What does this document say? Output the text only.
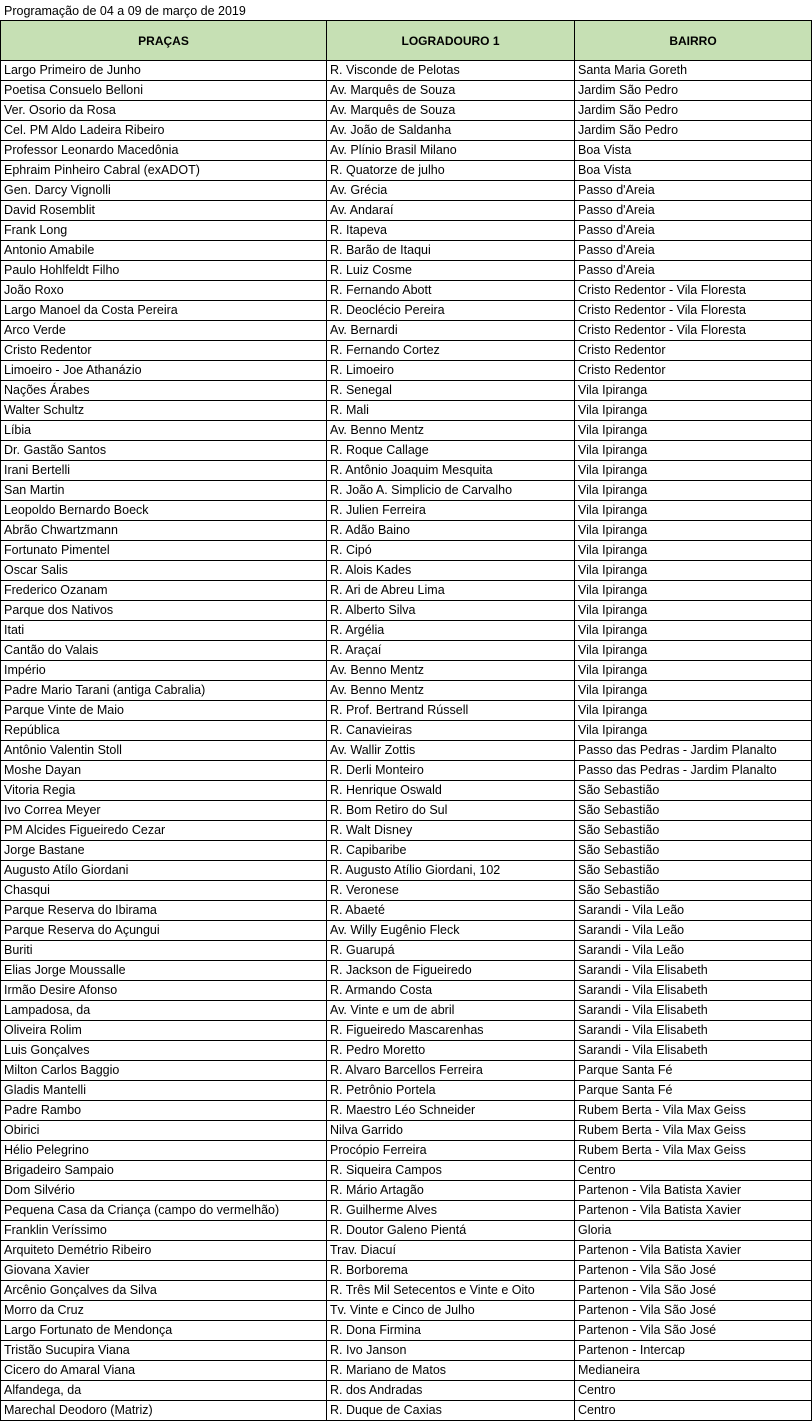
Programação de 04 a 09 de março de 2019
PRAÇAS	LOGRADOURO 1	BAIRRO
Largo Primeiro de Junho	R. Visconde de Pelotas	Santa Maria Goreth
Poetisa Consuelo Belloni	Av. Marquês de Souza	Jardim São Pedro
Ver. Osorio da Rosa	Av. Marquês de Souza	Jardim São Pedro
Cel. PM Aldo Ladeira Ribeiro	Av. João de Saldanha	Jardim São Pedro
Professor Leonardo Macedônia	Av. Plínio Brasil Milano	Boa Vista
Ephraim Pinheiro Cabral (exADOT)	R. Quatorze de julho	Boa Vista
Gen. Darcy Vignolli	Av. Grécia	Passo d'Areia
David Rosemblit	Av. Andaraí	Passo d'Areia
Frank Long	R. Itapeva	Passo d'Areia
Antonio Amabile	R. Barão de Itaqui	Passo d'Areia
Paulo Hohlfeldt Filho	R. Luiz Cosme	Passo d'Areia
João Roxo	R. Fernando Abott	Cristo Redentor - Vila Floresta
Largo Manoel da Costa Pereira	R. Deoclécio Pereira	Cristo Redentor - Vila Floresta
Arco Verde	Av. Bernardi	Cristo Redentor - Vila Floresta
Cristo Redentor	R. Fernando Cortez	Cristo Redentor
Limoeiro - Joe Athanázio	R. Limoeiro	Cristo Redentor
Nações Árabes	R. Senegal	Vila Ipiranga
Walter Schultz	R. Mali	Vila Ipiranga
Líbia	Av. Benno Mentz	Vila Ipiranga
Dr. Gastão Santos	R. Roque Callage	Vila Ipiranga
Irani Bertelli	R. Antônio Joaquim Mesquita	Vila Ipiranga
San Martin	R. João A. Simplicio de Carvalho	Vila Ipiranga
Leopoldo Bernardo Boeck	R. Julien Ferreira	Vila Ipiranga
Abrão Chwartzmann	R. Adão Baino	Vila Ipiranga
Fortunato Pimentel	R. Cipó	Vila Ipiranga
Oscar Salis	R. Alois Kades	Vila Ipiranga
Frederico Ozanam	R. Ari de Abreu Lima	Vila Ipiranga
Parque dos Nativos	R. Alberto Silva	Vila Ipiranga
Itati	R. Argélia	Vila Ipiranga
Cantão do Valais	R. Araçaí	Vila Ipiranga
Império	Av. Benno Mentz	Vila Ipiranga
Padre Mario Tarani (antiga Cabralia)	Av. Benno Mentz	Vila Ipiranga
Parque Vinte de Maio	R. Prof. Bertrand Rússell	Vila Ipiranga
República	R. Canavieiras	Vila Ipiranga
Antônio Valentin Stoll	Av. Wallir Zottis	Passo das Pedras - Jardim Planalto
Moshe Dayan	R. Derli Monteiro	Passo das Pedras - Jardim Planalto
Vitoria Regia	R. Henrique Oswald	São Sebastião
Ivo Correa Meyer	R. Bom Retiro do Sul	São Sebastião
PM Alcides Figueiredo Cezar	R. Walt Disney	São Sebastião
Jorge Bastane	R. Capibaribe	São Sebastião
Augusto Atílo Giordani	R. Augusto Atílio Giordani, 102	São Sebastião
Chasqui	R. Veronese	São Sebastião
Parque Reserva do Ibirama	R. Abaeté	Sarandi - Vila Leão
Parque Reserva do Açungui	Av. Willy Eugênio Fleck	Sarandi - Vila Leão
Buriti	R. Guarupá	Sarandi - Vila Leão
Elias Jorge Moussalle	R. Jackson de Figueiredo	Sarandi - Vila Elisabeth
Irmão Desire Afonso	R. Armando Costa	Sarandi - Vila Elisabeth
Lampadosa, da	Av. Vinte e um de abril	Sarandi - Vila Elisabeth
Oliveira Rolim	R. Figueiredo Mascarenhas	Sarandi - Vila Elisabeth
Luis Gonçalves	R. Pedro Moretto	Sarandi - Vila Elisabeth
Milton Carlos Baggio	R. Alvaro Barcellos Ferreira	Parque Santa Fé
Gladis Mantelli	R. Petrônio Portela	Parque Santa Fé
Padre Rambo	R. Maestro Léo Schneider	Rubem Berta - Vila Max Geiss
Obirici	Nilva Garrido	Rubem Berta - Vila Max Geiss
Hélio Pelegrino	Procópio Ferreira	Rubem Berta - Vila Max Geiss
Brigadeiro Sampaio	R. Siqueira Campos	Centro
Dom Silvério	R. Mário Artagão	Partenon - Vila Batista Xavier
Pequena Casa da Criança (campo do vermelhão)	R. Guilherme Alves	Partenon - Vila Batista Xavier
Franklin Veríssimo	R. Doutor Galeno Pientá	Gloria
Arquiteto Demétrio Ribeiro	Trav. Diacuí	Partenon - Vila Batista Xavier
Giovana Xavier	R. Borborema	Partenon - Vila São José
Arcênio Gonçalves da Silva	R. Três Mil Setecentos e Vinte e Oito	Partenon - Vila São José
Morro da Cruz	Tv. Vinte e Cinco de Julho	Partenon - Vila São José
Largo Fortunato de Mendonça	R. Dona Firmina	Partenon - Vila São José
Tristão Sucupira Viana	R. Ivo Janson	Partenon - Intercap
Cicero do Amaral Viana	R. Mariano de Matos	Medianeira
Alfandega, da	R. dos Andradas	Centro
Marechal Deodoro (Matriz)	R. Duque de Caxias	Centro
